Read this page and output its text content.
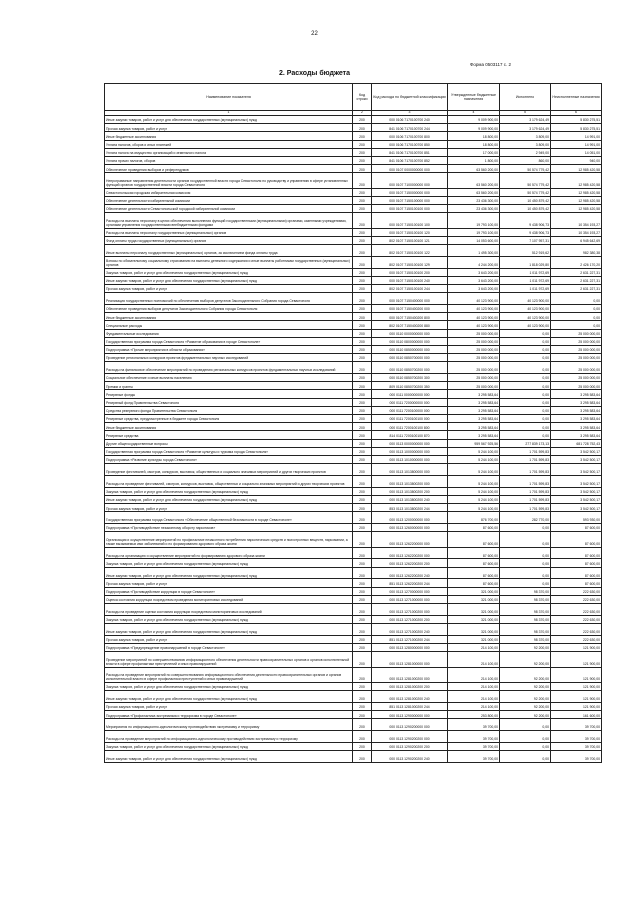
22
Форма 0503117 с. 2
2. Расходы бюджета
Наименование показателя	Код строки	Код расхода по бюджетной классификации	Утвержденные бюджетные назначения	Исполнено	Неисполненные назначения
1	2	3	4	5	6
Иные закупки товаров, работ и услуг для обеспечения государственных (муниципальных) нужд	200	000 0106 7170100700 240	9 009 900,00	3 179 624,49	5 830 275,51
Прочая закупка товаров, работ и услуг	200	841 0106 7170100700 244	9 009 900,00	3 179 624,49	5 830 275,51
Иные бюджетные ассигнования	200	000 0106 7170100700 800	18 800,00	3 809,00	14 991,00
Уплата налогов, сборов и иных платежей	200	000 0106 7170100700 850	18 800,00	3 809,00	14 991,00
Уплата налога на имущество организаций и земельного налога	200	841 0106 7170100700 851	17 000,00	2 949,00	14 051,00
Уплата прочих налогов, сборов	200	841 0106 7170100700 852	1 800,00	860,00	940,00
Обеспечение проведения выборов и референдумов	200	000 0107 0000000000 000	63 560 200,00	50 574 779,42	12 985 420,58
Непрограммные направления деятельности органов государственной власти города Севастополя по руководству и управлению в сфере установленных функций органов государственной власти города Севастополя	200	000 0107 7100000000 000	63 560 200,00	50 574 779,42	12 985 420,58
Севастопольская городская избирательная комиссия	200	000 0107 7150000000 000	63 560 200,00	50 574 779,42	12 985 420,58
Обеспечение деятельности избирательной комиссии	200	000 0107 7150100000 000	23 436 300,00	10 450 879,42	12 985 420,58
Обеспечение деятельности Севастопольской городской избирательной комиссии	200	000 0107 7150100100 000	23 436 300,00	10 450 879,42	12 985 420,58
Расходы на выплаты персоналу в целях обеспечения выполнения функций государственными (муниципальными) органами, казенными учреждениями, органами управления государственными внебюджетными фондами	200	000 0107 7150100100 100	19 793 100,00	9 438 906,73	10 354 193,27
Расходы на выплаты персоналу государственных (муниципальных) органов	200	000 0107 7150100100 120	19 793 100,00	9 438 906,73	10 354 193,27
Фонд оплаты труда государственных (муниципальных) органов	200	802 0107 7150100100 121	14 053 600,00	7 107 957,31	6 945 642,69
Иные выплаты персоналу государственных (муниципальных) органов, за исключением фонда оплаты труда	200	802 0107 7150100100 122	1 495 300,00	512 919,62	982 380,38
Взносы по обязательному социальному страхованию на выплаты денежного содержания и иные выплаты работникам государственных (муниципальных) органов	200	802 0107 7150100100 129	4 244 200,00	1 818 029,80	2 426 170,20
Закупка товаров, работ и услуг для обеспечения государственных (муниципальных) нужд	200	000 0107 7150100100 200	3 643 200,00	1 011 972,69	2 631 227,31
Иные закупки товаров, работ и услуг для обеспечения государственных (муниципальных) нужд	200	000 0107 7150100100 240	3 643 200,00	1 011 972,69	2 631 227,31
Прочая закупка товаров, работ и услуг	200	802 0107 7150100100 244	3 643 200,00	1 011 972,69	2 631 227,31
Реализация государственных полномочий по обеспечению выборов депутатов Законодательного Собрания города Севастополя	200	000 0107 7150400000 000	40 123 900,00	40 123 900,00	0,00
Обеспечение проведения выборов депутатов Законодательного Собрания города Севастополя	200	000 0107 7150400200 000	40 123 900,00	40 123 900,00	0,00
Иные бюджетные ассигнования	200	000 0107 7150400200 800	40 123 900,00	40 123 900,00	0,00
Специальные расходы	200	802 0107 7150400200 880	40 123 900,00	40 123 900,00	0,00
Фундаментальные исследования	200	000 0110 0000000000 000	25 000 000,00	0,00	25 000 000,00
Государственная программа города Севастополя «Развитие образования в городе Севастополе»	200	000 0110 0800000000 000	25 000 000,00	0,00	25 000 000,00
Подпрограмма «Прочие мероприятия в области образования»	200	000 0110 0850000000 000	25 000 000,00	0,00	25 000 000,00
Проведение региональных конкурсов проектов фундаментальных научных исследований	200	000 0110 0850700000 000	25 000 000,00	0,00	25 000 000,00
Расходы на финансовое обеспечение мероприятий по проведению региональных конкурсов проектов фундаментальных научных исследований	200	000 0110 0850700200 000	25 000 000,00	0,00	25 000 000,00
Социальное обеспечение и иные выплаты населению	200	000 0110 0850700200 300	25 000 000,00	0,00	25 000 000,00
Премии и гранты	200	809 0110 0850700200 350	25 000 000,00	0,00	25 000 000,00
Резервные фонды	200	000 0111 0000000000 000	3 295 583,64	0,00	3 295 583,64
Резервный фонд Правительства Севастополя	200	000 0111 7200000000 000	3 295 583,64	0,00	3 295 583,64
Средства резервного фонда Правительства Севастополя	200	000 0111 7200100000 000	3 295 583,64	0,00	3 295 583,64
Резервные средства, предусмотренные в бюджете города Севастополя	200	000 0111 7200100100 000	3 295 583,64	0,00	3 295 583,64
Иные бюджетные ассигнования	200	000 0111 7200100100 800	3 295 583,64	0,00	3 295 583,64
Резервные средства	200	814 0111 7200100100 870	3 295 583,64	0,00	3 295 583,64
Другие общегосударственные вопросы	200	000 0113 0000000000 000	959 567 925,56	277 839 173,13	681 728 752,43
Государственная программа города Севастополя «Развитие культуры и туризма города Севастополя»	200	000 0113 1000000000 000	5 244 100,00	1 701 599,83	3 542 500,17
Подпрограмма «Развитие культуры города Севастополя»	200	000 0113 1010000000 000	5 244 100,00	1 701 599,83	3 542 500,17
Проведение фестивалей, смотров, конкурсов, выставок, общественных и социально значимых мероприятий и других творческих проектов	200	000 0113 1013800000 000	5 244 100,00	1 701 599,83	3 542 500,17
Расходы на проведение фестивалей, смотров, конкурсов, выставок, общественных и социально значимых мероприятий и других творческих проектов	200	000 0113 1013800200 000	5 244 100,00	1 701 599,83	3 542 500,17
Закупка товаров, работ и услуг для обеспечения государственных (муниципальных) нужд	200	000 0113 1013800200 200	5 244 100,00	1 701 599,83	3 542 500,17
Иные закупки товаров, работ и услуг для обеспечения государственных (муниципальных) нужд	200	000 0113 1013800200 240	5 244 100,00	1 701 599,83	3 542 500,17
Прочая закупка товаров, работ и услуг	200	853 0113 1013800200 244	5 244 100,00	1 701 599,83	3 542 500,17
Государственная программа города Севастополя «Обеспечение общественной безопасности в городе Севастополе»	200	000 0113 1200000000 000	876 700,00	282 770,00	593 930,00
Подпрограмма «Противодействие незаконному обороту наркотиков»	200	000 0113 1260000000 000	87 600,00	0,00	87 600,00
Организация и осуществление мероприятий по профилактике незаконного потребления наркотических средств и психотропных веществ, наркомании, а также вызываемых ими заболеваний и по формированию здорового образа жизни	200	000 0113 1262200000 000	87 600,00	0,00	87 600,00
Расходы на организацию и осуществление мероприятий по формированию здорового образа жизни	200	000 0113 1262200200 000	87 600,00	0,00	87 600,00
Закупка товаров, работ и услуг для обеспечения государственных (муниципальных) нужд	200	000 0113 1262200200 200	87 600,00	0,00	87 600,00
Иные закупки товаров, работ и услуг для обеспечения государственных (муниципальных) нужд	200	000 0113 1262200200 240	87 600,00	0,00	87 600,00
Прочая закупка товаров, работ и услуг	200	851 0113 1262200200 244	87 600,00	0,00	87 600,00
Подпрограмма «Противодействие коррупции в городе Севастополе»	200	000 0113 1270000000 000	321 000,00	98 370,00	222 630,00
Оценка состояния коррупции посредством проведения мониторинговых исследований	200	000 0113 1271000000 000	321 000,00	98 370,00	222 630,00
Расходы на проведение оценки состояния коррупции посредством мониторинговых исследований	200	000 0113 1271000200 000	321 000,00	98 370,00	222 630,00
Закупка товаров, работ и услуг для обеспечения государственных (муниципальных) нужд	200	000 0113 1271000200 200	321 000,00	98 370,00	222 630,00
Иные закупки товаров, работ и услуг для обеспечения государственных (муниципальных) нужд	200	000 0113 1271000200 240	321 000,00	98 370,00	222 630,00
Прочая закупка товаров, работ и услуг	200	851 0113 1271000200 244	321 000,00	98 370,00	222 630,00
Подпрограмма «Предупреждение правонарушений в городе Севастополе»	200	000 0113 1280000000 000	214 100,00	92 200,00	121 900,00
Проведение мероприятий по совершенствованию информационного обеспечения деятельности правоохранительных органов и органов исполнительной власти в сфере профилактики преступлений и иных правонарушений	200	000 0113 1281000000 000	214 100,00	92 200,00	121 900,00
Расходы на проведение мероприятий по совершенствованию информационного обеспечения деятельности правоохранительных органов и органов исполнительной власти в сфере профилактики преступлений и иных правонарушений	200	000 0113 1281000200 000	214 100,00	92 200,00	121 900,00
Закупка товаров, работ и услуг для обеспечения государственных (муниципальных) нужд	200	000 0113 1281000200 200	214 100,00	92 200,00	121 900,00
Иные закупки товаров, работ и услуг для обеспечения государственных (муниципальных) нужд	200	000 0113 1281000200 240	214 100,00	92 200,00	121 900,00
Прочая закупка товаров, работ и услуг	200	851 0113 1281000200 244	214 100,00	92 200,00	121 900,00
Подпрограмма «Профилактика экстремизма и терроризма в городе Севастополе»	200	000 0113 1290000000 000	253 800,00	92 200,00	161 600,00
Мероприятия по информационно-идеологическому противодействию экстремизму и терроризму	200	000 0113 1290200000 000	39 700,00	0,00	39 700,00
Расходы на проведение мероприятий по информационно-идеологическому противодействию экстремизму и терроризму	200	000 0113 1290200200 000	39 700,00	0,00	39 700,00
Закупка товаров, работ и услуг для обеспечения государственных (муниципальных) нужд	200	000 0113 1290200200 200	39 700,00	0,00	39 700,00
Иные закупки товаров, работ и услуг для обеспечения государственных (муниципальных) нужд	200	000 0113 1290200200 240	39 700,00	0,00	39 700,00
